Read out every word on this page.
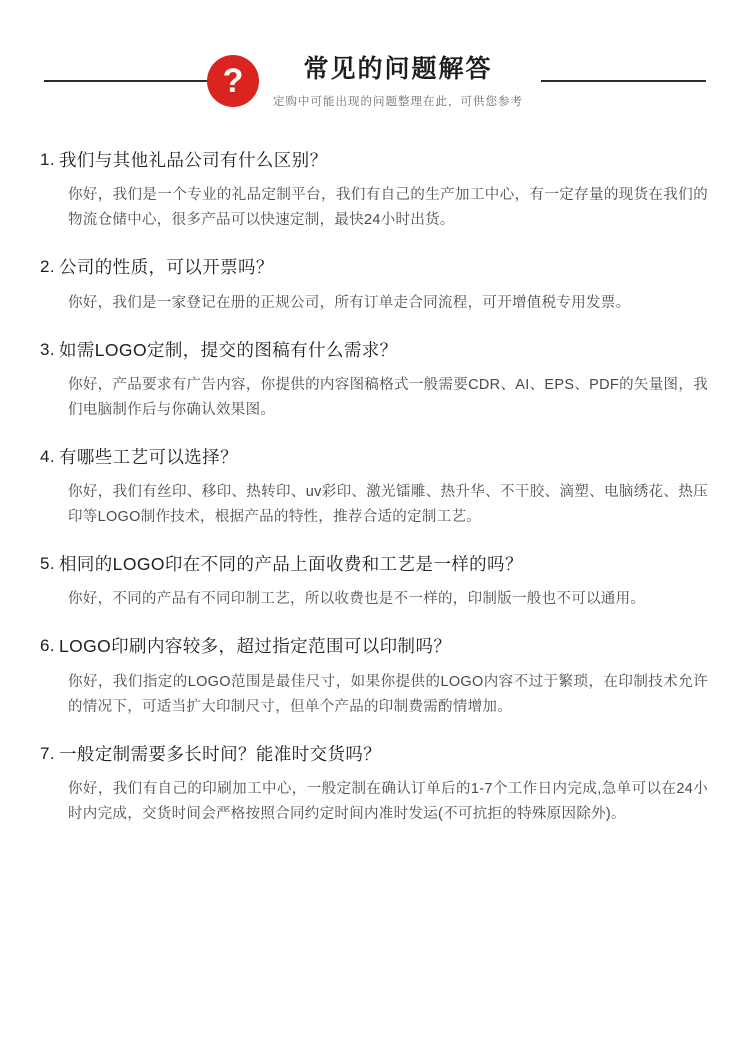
? 常见的问题解答
定购中可能出现的问题整理在此，可供您参考
1. 我们与其他礼品公司有什么区别？
你好，我们是一个专业的礼品定制平台，我们有自己的生产加工中心，有一定存量的现货在我们的物流仓储中心，很多产品可以快速定制，最快24小时出货。
2. 公司的性质，可以开票吗？
你好，我们是一家登记在册的正规公司，所有订单走合同流程，可开增值税专用发票。
3. 如需LOGO定制，提交的图稿有什么需求？
你好，产品要求有广告内容，你提供的内容图稿格式一般需要CDR、AI、EPS、PDF的矢量图，我们电脑制作后与你确认效果图。
4. 有哪些工艺可以选择？
你好，我们有丝印、移印、热转印、uv彩印、激光镭雕、热升华、不干胶、滴塑、电脑绣花、热压印等LOGO制作技术，根据产品的特性，推荐合适的定制工艺。
5. 相同的LOGO印在不同的产品上面收费和工艺是一样的吗？
你好，不同的产品有不同印制工艺，所以收费也是不一样的，印制版一般也不可以通用。
6. LOGO印刷内容较多，超过指定范围可以印制吗？
你好，我们指定的LOGO范围是最佳尺寸，如果你提供的LOGO内容不过于繁琐，在印制技术允许的情况下，可适当扩大印制尺寸，但单个产品的印制费需酌情增加。
7. 一般定制需要多长时间？能准时交货吗？
你好，我们有自己的印刷加工中心，一般定制在确认订单后的1-7个工作日内完成,急单可以在24小时内完成，交货时间会严格按照合同约定时间内准时发运(不可抗拒的特殊原因除外)。
